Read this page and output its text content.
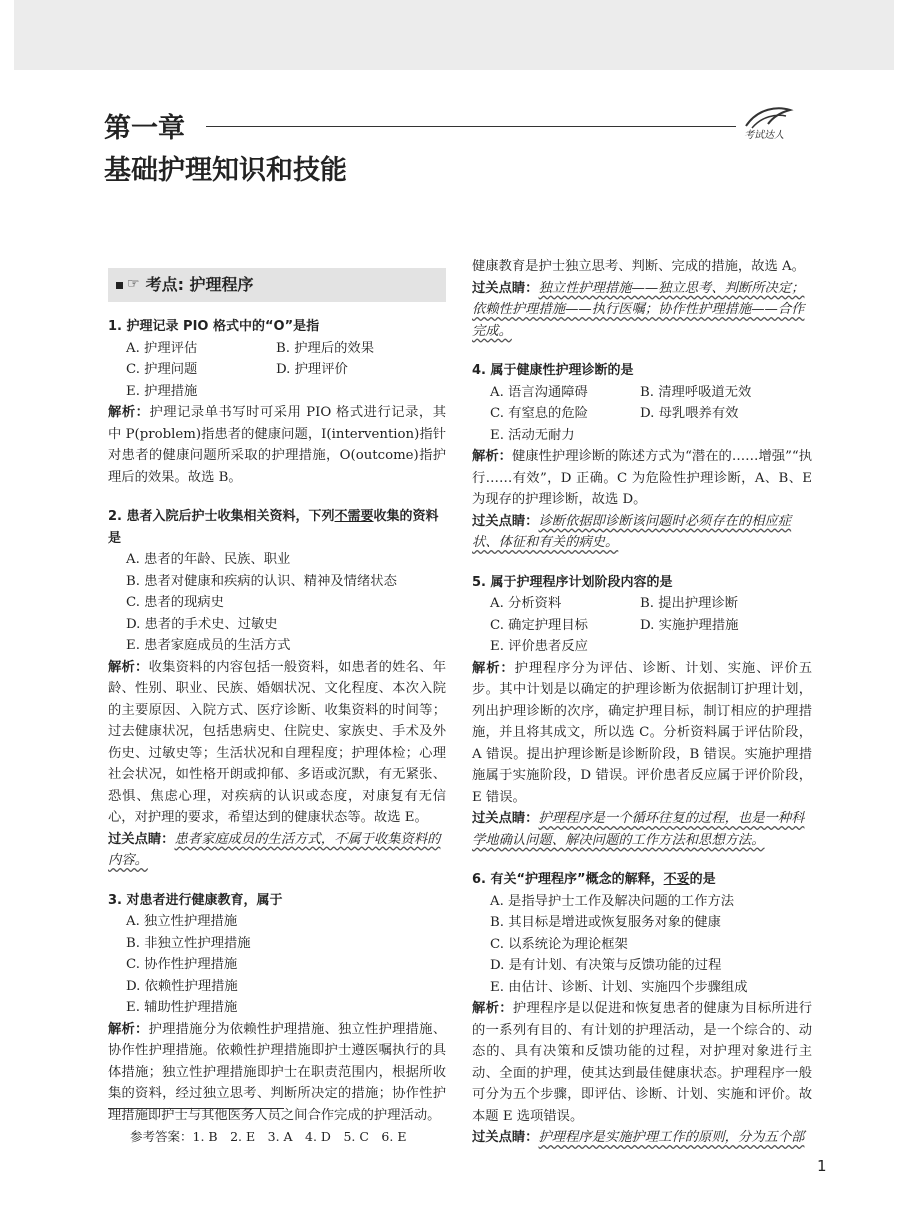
第一章
基础护理知识和技能
考试达人
☞ 考点: 护理程序
1. 护理记录 PIO 格式中的“O”是指
A. 护理评估	B. 护理后的效果
C. 护理问题	D. 护理评价
E. 护理措施
解析：护理记录单书写时可采用 PIO 格式进行记录，其中 P(problem)指患者的健康问题，I(intervention)指针对患者的健康问题所采取的护理措施，O(outcome)指护理后的效果。故选 B。
2. 患者入院后护士收集相关资料，下列不需要收集的资料是
A. 患者的年龄、民族、职业
B. 患者对健康和疾病的认识、精神及情绪状态
C. 患者的现病史
D. 患者的手术史、过敏史
E. 患者家庭成员的生活方式
解析：收集资料的内容包括一般资料，如患者的姓名、年龄、性别、职业、民族、婚姻状况、文化程度、本次入院的主要原因、入院方式、医疗诊断、收集资料的时间等；过去健康状况，包括患病史、住院史、家族史、手术及外伤史、过敏史等；生活状况和自理程度；护理体检；心理社会状况，如性格开朗或抑郁、多语或沉默，有无紧张、恐惧、焦虑心理，对疾病的认识或态度，对康复有无信心，对护理的要求，希望达到的健康状态等。故选 E。
过关点睛：患者家庭成员的生活方式，不属于收集资料的内容。
3. 对患者进行健康教育，属于
A. 独立性护理措施
B. 非独立性护理措施
C. 协作性护理措施
D. 依赖性护理措施
E. 辅助性护理措施
解析：护理措施分为依赖性护理措施、独立性护理措施、协作性护理措施。依赖性护理措施即护士遵医嘱执行的具体措施；独立性护理措施即护士在职责范围内，根据所收集的资料，经过独立思考、判断所决定的措施；协作性护理措施即护士与其他医务人员之间合作完成的护理活动。
健康教育是护士独立思考、判断、完成的措施，故选 A。
过关点睛：独立性护理措施——独立思考、判断所决定；依赖性护理措施——执行医嘱；协作性护理措施——合作完成。
4. 属于健康性护理诊断的是
A. 语言沟通障碍	B. 清理呼吸道无效
C. 有窒息的危险	D. 母乳喂养有效
E. 活动无耐力
解析：健康性护理诊断的陈述方式为“潜在的……增强”“执行……有效”，D 正确。C 为危险性护理诊断，A、B、E 为现存的护理诊断，故选 D。
过关点睛：诊断依据即诊断该问题时必须存在的相应症状、体征和有关的病史。
5. 属于护理程序计划阶段内容的是
A. 分析资料	B. 提出护理诊断
C. 确定护理目标	D. 实施护理措施
E. 评价患者反应
解析：护理程序分为评估、诊断、计划、实施、评价五步。其中计划是以确定的护理诊断为依据制订护理计划，列出护理诊断的次序，确定护理目标，制订相应的护理措施，并且将其成文，所以选 C。分析资料属于评估阶段，A 错误。提出护理诊断是诊断阶段，B 错误。实施护理措施属于实施阶段，D 错误。评价患者反应属于评价阶段，E 错误。
过关点睛：护理程序是一个循环往复的过程，也是一种科学地确认问题、解决问题的工作方法和思想方法。
6. 有关“护理程序”概念的解释，不妥的是
A. 是指导护士工作及解决问题的工作方法
B. 其目标是增进或恢复服务对象的健康
C. 以系统论为理论框架
D. 是有计划、有决策与反馈功能的过程
E. 由估计、诊断、计划、实施四个步骤组成
解析：护理程序是以促进和恢复患者的健康为目标所进行的一系列有目的、有计划的护理活动，是一个综合的、动态的、具有决策和反馈功能的过程，对护理对象进行主动、全面的护理，使其达到最佳健康状态。护理程序一般可分为五个步骤，即评估、诊断、计划、实施和评价。故本题 E 选项错误。
过关点睛：护理程序是实施护理工作的原则，分为五个部
参考答案：1. B　2. E　3. A　4. D　5. C　6. E
1
